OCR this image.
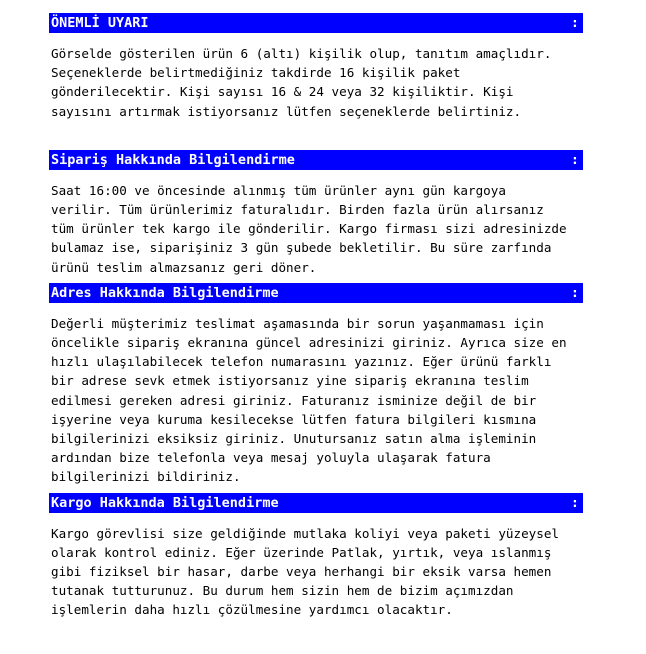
ÖNEMLİ UYARI	:

Görselde gösterilen ürün 6 (altı) kişilik olup, tanıtım amaçlıdır.
Seçeneklerde belirtmediğiniz takdirde 16 kişilik paket
gönderilecektir. Kişi sayısı 16 & 24 veya 32 kişiliktir. Kişi
sayısını artırmak istiyorsanız lütfen seçeneklerde belirtiniz.

Sipariş Hakkında Bilgilendirme	:

Saat 16:00 ve öncesinde alınmış tüm ürünler aynı gün kargoya
verilir. Tüm ürünlerimiz faturalıdır. Birden fazla ürün alırsanız
tüm ürünler tek kargo ile gönderilir. Kargo firması sizi adresinizde
bulamaz ise, siparişiniz 3 gün şubede bekletilir. Bu süre zarfında
ürünü teslim almazsanız geri döner.

Adres Hakkında Bilgilendirme	:

Değerli müşterimiz teslimat aşamasında bir sorun yaşanmaması için
öncelikle sipariş ekranına güncel adresinizi giriniz. Ayrıca size en
hızlı ulaşılabilecek telefon numarasını yazınız. Eğer ürünü farklı
bir adrese sevk etmek istiyorsanız yine sipariş ekranına teslim
edilmesi gereken adresi giriniz. Faturanız isminize değil de bir
işyerine veya kuruma kesilecekse lütfen fatura bilgileri kısmına
bilgilerinizi eksiksiz giriniz. Unutursanız satın alma işleminin
ardından bize telefonla veya mesaj yoluyla ulaşarak fatura
bilgilerinizi bildiriniz.

Kargo Hakkında Bilgilendirme	:

Kargo görevlisi size geldiğinde mutlaka koliyi veya paketi yüzeysel
olarak kontrol ediniz. Eğer üzerinde Patlak, yırtık, veya ıslanmış
gibi fiziksel bir hasar, darbe veya herhangi bir eksik varsa hemen
tutanak tutturunuz. Bu durum hem sizin hem de bizim açımızdan
işlemlerin daha hızlı çözülmesine yardımcı olacaktır.
